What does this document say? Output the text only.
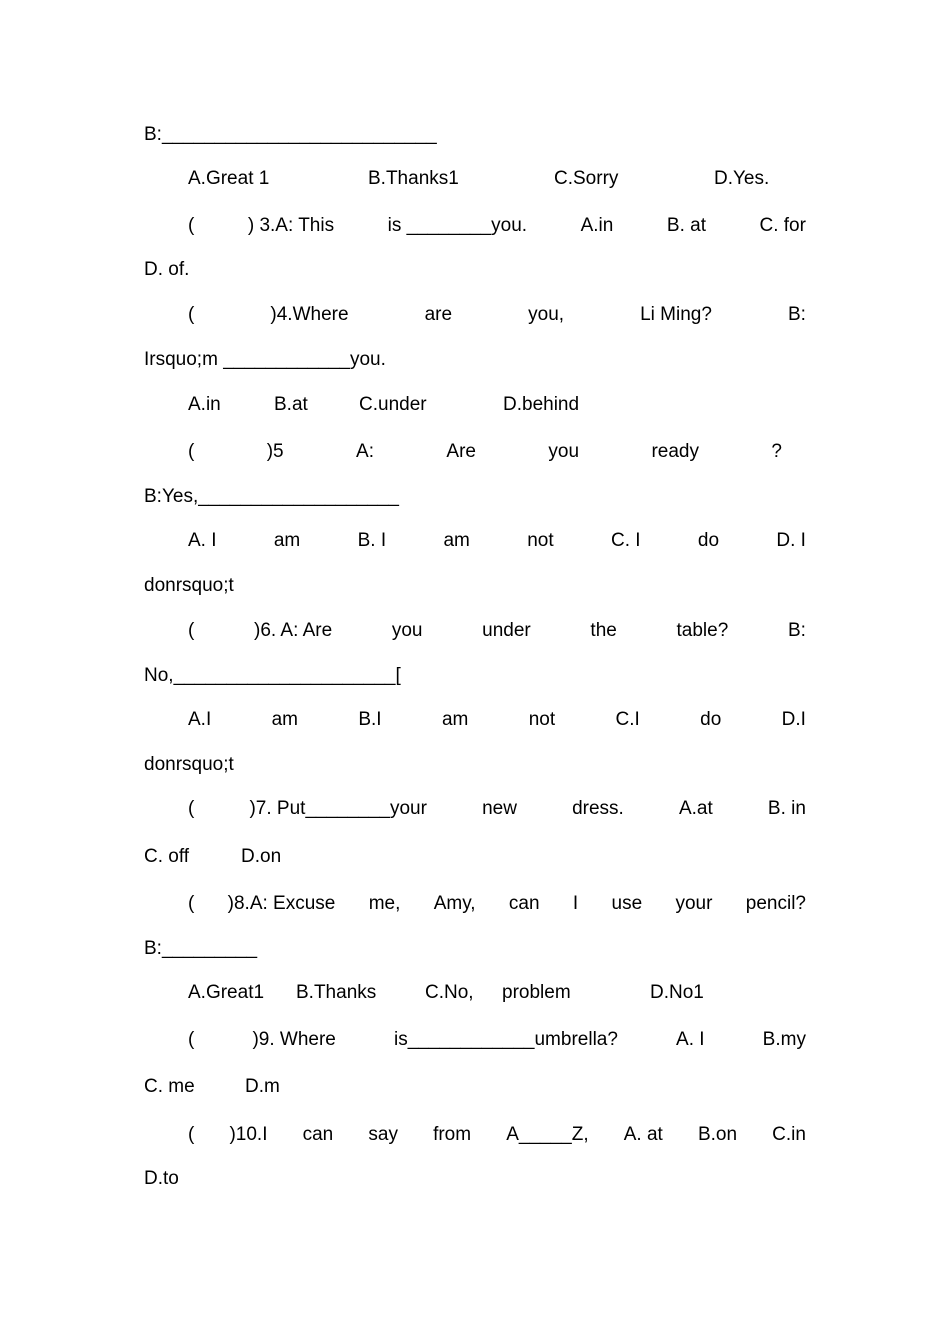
B:__________________________
A.Great 1	B.Thanks1	C.Sorry	D.Yes.
(	) 3.A: This	is ________you.	A.in	B. at	C. for
D. of.
(	)4.Where	are	you,	Li Ming?	B:
Irsquo;m ____________you.
A.in	B.at	C.under	D.behind
(	)5	A:	Are	you	ready	?
B:Yes,___________________
A. I	am	B. I	am	not	C. I	do	D. I
donrsquo;t
(	)6. A: Are	you	under	the	table?	B:
No,_____________________[
A.I	am	B.I	am	not	C.I	do	D.I
donrsquo;t
(	)7. Put________your	new	dress.	A.at	B. in
C. off	D.on
( )8.A: Excuse me, Amy, can I use your pencil?
B:_________
A.Great1 B.Thanks	C.No, problem	D.No1
(	)9. Where	is____________umbrella?	A. I	B.my
C. me	D.m
( )10.I can say from A_____Z, A. at B.on C.in
D.to
